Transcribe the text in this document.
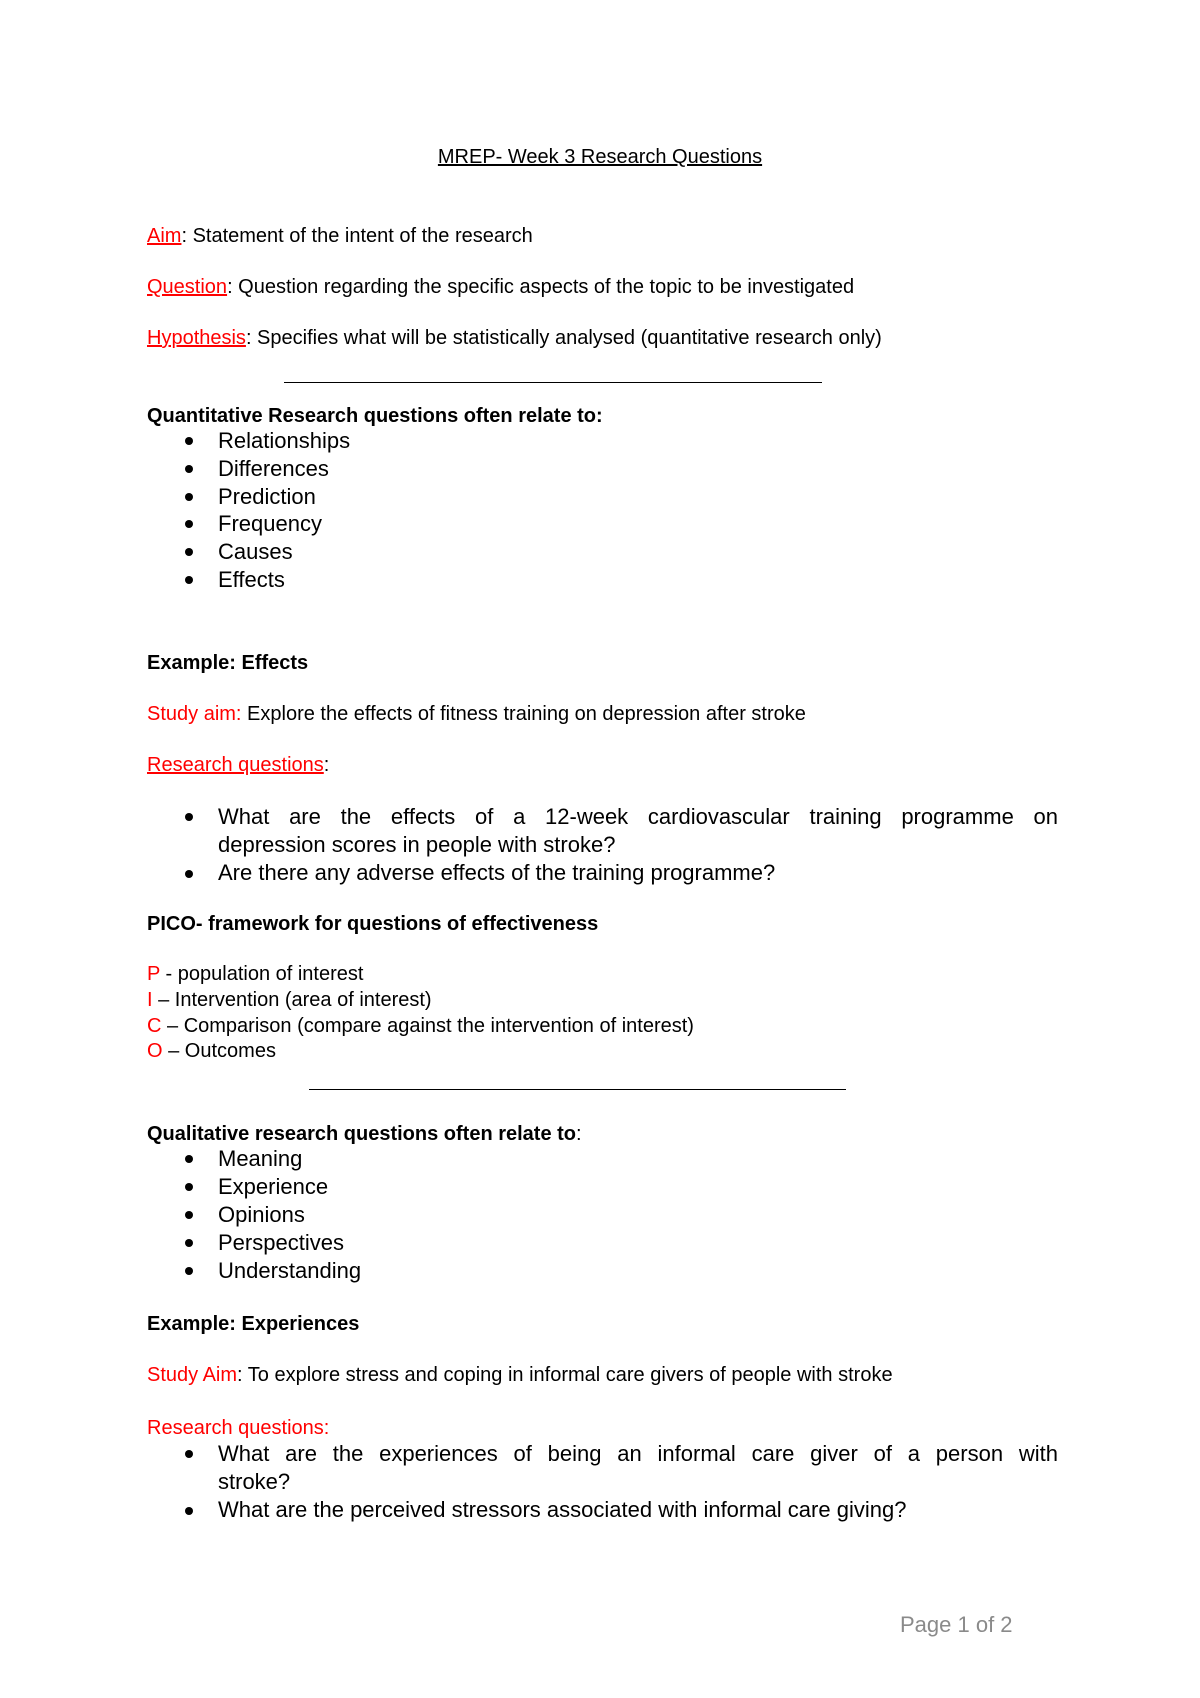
MREP- Week 3 Research Questions
Aim: Statement of the intent of the research
Question: Question regarding the specific aspects of the topic to be investigated
Hypothesis: Specifies what will be statistically analysed (quantitative research only)
Quantitative Research questions often relate to:
Relationships
Differences
Prediction
Frequency
Causes
Effects
Example: Effects
Study aim: Explore the effects of fitness training on depression after stroke
Research questions:
What are the effects of a 12-week cardiovascular training programme on
depression scores in people with stroke?
Are there any adverse effects of the training programme?
PICO- framework for questions of effectiveness
P - population of interest
I – Intervention (area of interest)
C – Comparison (compare against the intervention of interest)
O – Outcomes
Qualitative research questions often relate to:
Meaning
Experience
Opinions
Perspectives
Understanding
Example: Experiences
Study Aim: To explore stress and coping in informal care givers of people with stroke
Research questions:
What are the experiences of being an informal care giver of a person with
stroke?
What are the perceived stressors associated with informal care giving?
Page 1 of 2
